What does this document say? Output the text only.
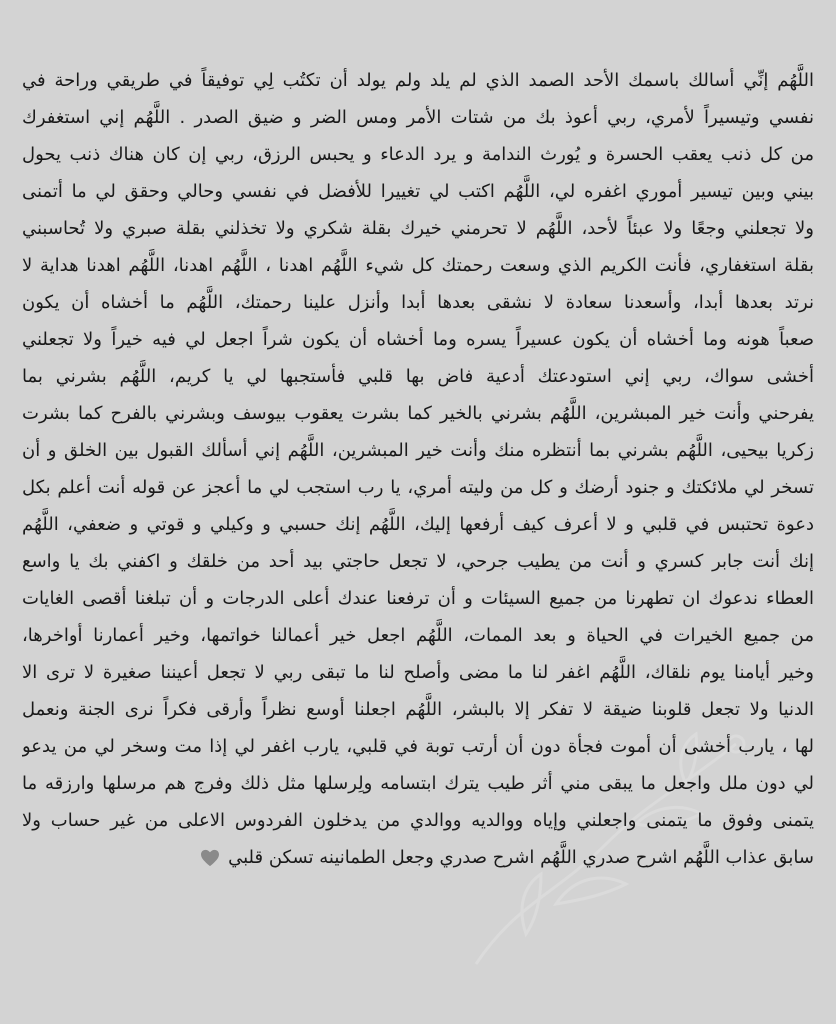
اللَّهُم إنِّي أسالك باسمك الأحد الصمد الذي لم يلد ولم يولد أن تكتُب لِي توفيقاً في طريقي وراحة في
نفسي وتيسيراً لأمري، ربي أعوذ بك من شتات الأمر ومس الضر و ضيق الصدر . اللَّهُم إني استغفرك
من كل ذنب يعقب الحسرة و يُورث الندامة و يرد الدعاء و يحبس الرزق، ربي إن كان هناك ذنب يحول
بيني وبين تيسير أموري اغفره لي، اللَّهُم اكتب لي تغييرا للأفضل في نفسي وحالي وحقق لي ما أتمنى
ولا تجعلني وجعًا ولا عبئاً لأحد، اللَّهُم لا تحرمني خيرك بقلة شكري ولا تخذلني بقلة صبري ولا تُحاسبني
بقلة استغفاري، فأنت الكريم الذي وسعت رحمتك كل شيء اللَّهُم اهدنا ، اللَّهُم اهدنا، اللَّهُم اهدنا هداية لا
نرتد بعدها أبدا، وأسعدنا سعادة لا نشقى بعدها أبدا وأنزل علينا رحمتك، اللَّهُم ما أخشاه أن يكون
صعباً هونه وما أخشاه أن يكون عسيراً يسره وما أخشاه أن يكون شراً اجعل لي فيه خيراً ولا تجعلني
أخشى سواك، ربي إني استودعتك أدعية فاض بها قلبي فأستجبها لي يا كريم، اللَّهُم بشرني بما
يفرحني وأنت خير المبشرين، اللَّهُم بشرني بالخير كما بشرت يعقوب بيوسف وبشرني بالفرح كما بشرت
زكريا بيحيى، اللَّهُم بشرني بما أنتظره منك وأنت خير المبشرين، اللَّهُم إني أسألك القبول بين الخلق و أن
تسخر لي ملائكتك و جنود أرضك و كل من وليته أمري، يا رب استجب لي ما أعجز عن قوله أنت أعلم بكل
دعوة تحتبس في قلبي و لا أعرف كيف أرفعها إليك، اللَّهُم إنك حسبي و وكيلي و قوتي و ضعفي، اللَّهُم
إنك أنت جابر كسري و أنت من يطيب جرحي، لا تجعل حاجتي بيد أحد من خلقك و اكفني بك يا واسع
العطاء ندعوك ان تطهرنا من جميع السيئات و أن ترفعنا عندك أعلى الدرجات و أن تبلغنا أقصى الغايات
من جميع الخيرات في الحياة و بعد الممات، اللَّهُم اجعل خير أعمالنا خواتمها، وخير أعمارنا أواخرها،
وخير أيامنا يوم نلقاك، اللَّهُم اغفر لنا ما مضى وأصلح لنا ما تبقى ربي لا تجعل أعيننا صغيرة لا ترى الا
الدنيا ولا تجعل قلوبنا ضيقة لا تفكر إلا بالبشر، اللَّهُم اجعلنا أوسع نظراً وأرقى فكراً نرى الجنة ونعمل
لها ، يارب أخشى أن أموت فجأة دون أن أرتب توبة في قلبي، يارب اغفر لي إذا مت وسخر لي من يدعو
لي دون ملل واجعل ما يبقى مني أثر طيب يترك ابتسامه ولِرسلها مثل ذلك وفرج هم مرسلها وارزقه ما
يتمنى وفوق ما يتمنى واجعلني وإياه ووالديه ووالدي من يدخلون الفردوس الاعلى من غير حساب ولا
سابق عذاب اللَّهُم اشرح صدري اللَّهُم اشرح صدري وجعل الطمانينه تسكن قلبي
